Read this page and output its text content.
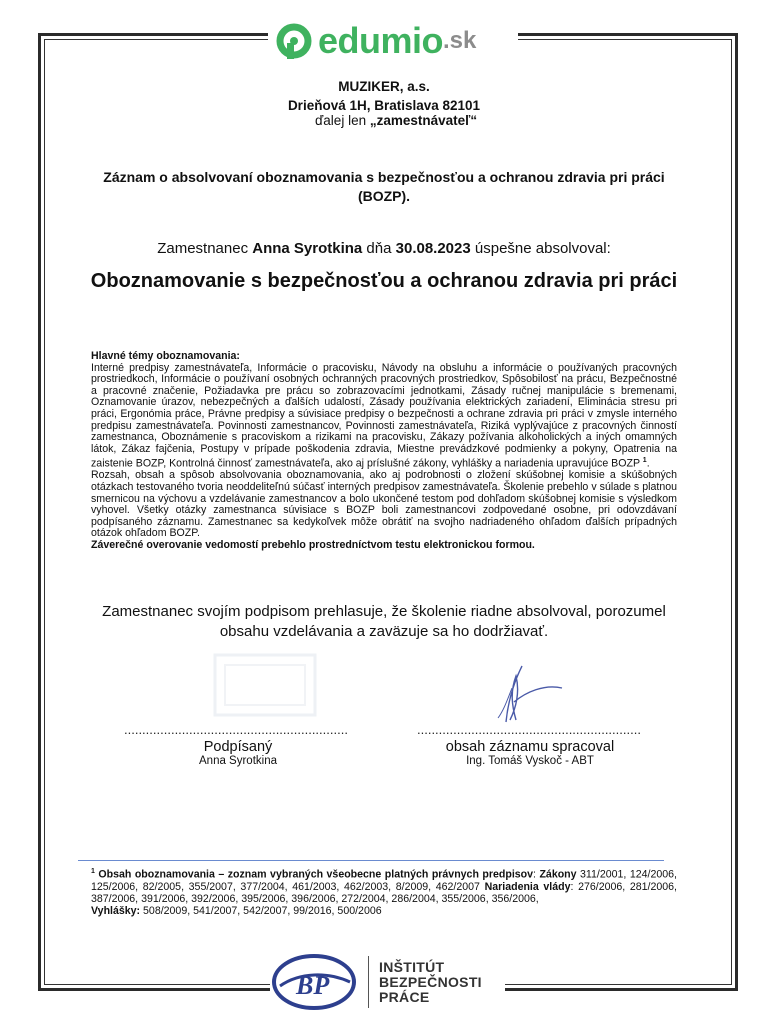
edumio .sk
MUZIKER, a.s.
Drieňová 1H, Bratislava 82101
ďalej len „zamestnávateľ“
Záznam o absolvovaní oboznamovania s bezpečnosťou a ochranou zdravia pri práci (BOZP).
Zamestnanec Anna Syrotkina dňa 30.08.2023 úspešne absolvoval:
Oboznamovanie s bezpečnosťou a ochranou zdravia pri práci

Hlavné témy oboznamovania:

Interné predpisy zamestnávateľa, Informácie o pracovisku, Návody na obsluhu a informácie o používaných pracovných prostriedkoch, Informácie o používaní osobných ochranných pracovných prostriedkov, Spôsobilosť na prácu, Bezpečnostné a pracovné značenie, Požiadavka pre prácu so zobrazovacími jednotkami, Zásady ručnej manipulácie s bremenami, Oznamovanie úrazov, nebezpečných a ďalších udalostí, Zásady používania elektrických zariadení, Eliminácia stresu pri práci, Ergonómia práce, Právne predpisy a súvisiace predpisy o bezpečnosti a ochrane zdravia pri práci v zmysle interného predpisu zamestnávateľa. Povinnosti zamestnancov, Povinnosti zamestnávateľa, Riziká vyplývajúce z pracovných činností zamestnanca, Oboznámenie s pracoviskom a rizikami na pracovisku, Zákazy požívania alkoholických a iných omamných látok, Zákaz fajčenia, Postupy v prípade poškodenia zdravia, Miestne prevádzkové podmienky a pokyny, Opatrenia na zaistenie BOZP, Kontrolná činnosť zamestnávateľa, ako aj príslušné zákony, vyhlášky a nariadenia upravujúce BOZP $^1$.

Rozsah, obsah a spôsob absolvovania oboznamovania, ako aj podrobnosti o zložení skúšobnej komisie a skúšobných otázkach testovaného tvoria neoddeliteľnú súčasť interných predpisov zamestnávateľa. Školenie prebehlo v súlade s platnou smernicou na výchovu a vzdelávanie zamestnancov a bolo ukončené testom pod dohľadom skúšobnej komisie s výsledkom vyhovel. Všetky otázky zamestnanca súvisiace s BOZP boli zamestnancovi zodpovedané osobne, pri odovzdávaní podpísaného záznamu. Zamestnanec sa kedykoľvek môže obrátiť na svojho nadriadeného ohľadom ďalších prípadných otázok ohľadom BOZP.

Záverečné overovanie vedomostí prebehlo prostredníctvom testu elektronickou formou.

Zamestnanec svojím podpisom prehlasuje, že školenie riadne absolvoval, porozumel obsahu vzdelávania a zaväzuje sa ho dodržiavať.
..............................................................	..............................................................
Podpísaný	obsah záznamu spracoval
Anna Syrotkina	Ing. Tomáš Vyskoč - ABT
$^1$ Obsah oboznamovania – zoznam vybraných všeobecne platných právnych predpisov: Zákony 311/2001, 124/2006, 125/2006, 82/2005, 355/2007, 377/2004, 461/2003, 462/2003, 8/2009, 462/2007 Nariadenia vlády: 276/2006, 281/2006, 387/2006, 391/2006, 392/2006, 395/2006, 396/2006, 272/2004, 286/2004, 355/2006, 356/2006,
Vyhlášky: 508/2009, 541/2007, 542/2007, 99/2016, 500/2006
BP
INŠTITÚT
BEZPEČNOSTI
PRÁCE
